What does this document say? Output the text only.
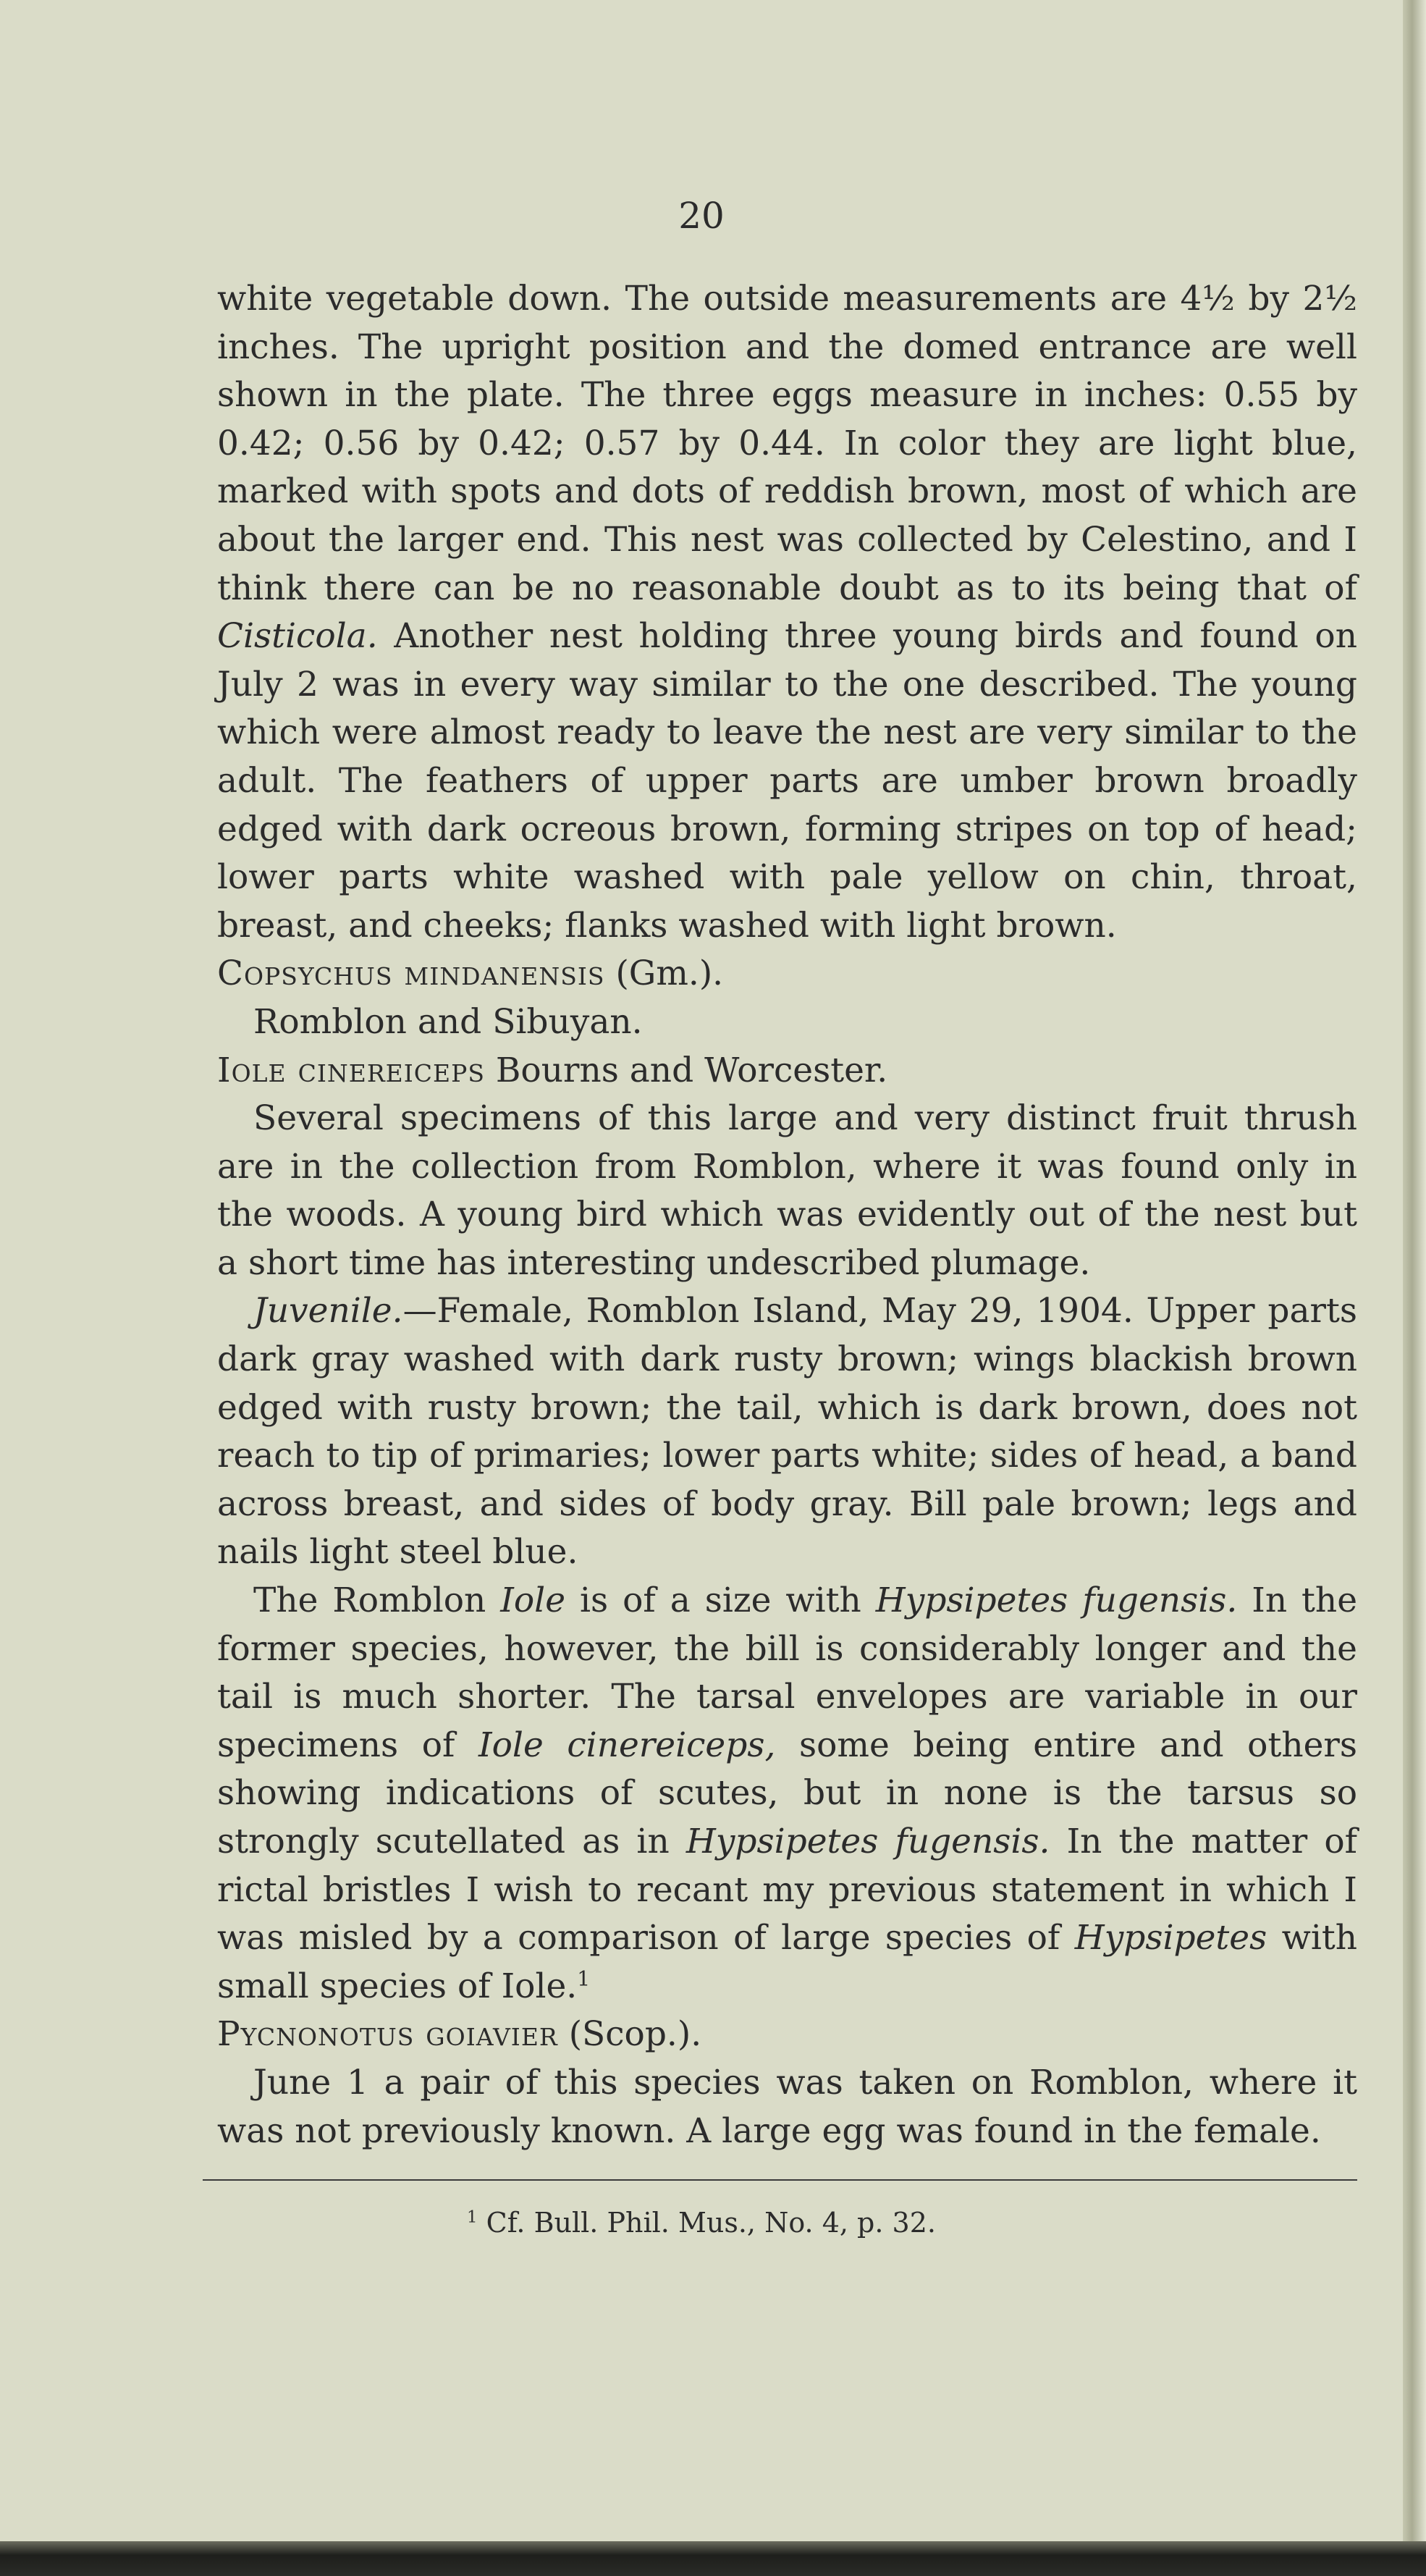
20

white vegetable down. The outside measurements are 4½ by 2½ inches. The upright position and the domed entrance are well shown in the plate. The three eggs measure in inches: 0.55 by 0.42; 0.56 by 0.42; 0.57 by 0.44. In color they are light blue, marked with spots and dots of reddish brown, most of which are about the larger end. This nest was collected by Celestino, and I think there can be no reasonable doubt as to its being that of Cisticola. Another nest holding three young birds and found on July 2 was in every way similar to the one described. The young which were almost ready to leave the nest are very similar to the adult. The feathers of upper parts are umber brown broadly edged with dark ocreous brown, forming stripes on top of head; lower parts white washed with pale yellow on chin, throat, breast, and cheeks; flanks washed with light brown.

Copsychus mindanensis (Gm.).

Romblon and Sibuyan.

Iole cinereiceps Bourns and Worcester.

Several specimens of this large and very distinct fruit thrush are in the collection from Romblon, where it was found only in the woods. A young bird which was evidently out of the nest but a short time has interesting undescribed plumage.

Juvenile.—Female, Romblon Island, May 29, 1904. Upper parts dark gray washed with dark rusty brown; wings blackish brown edged with rusty brown; the tail, which is dark brown, does not reach to tip of primaries; lower parts white; sides of head, a band across breast, and sides of body gray. Bill pale brown; legs and nails light steel blue.

The Romblon Iole is of a size with Hypsipetes fugensis. In the former species, however, the bill is considerably longer and the tail is much shorter. The tarsal envelopes are variable in our specimens of Iole cinereiceps, some being entire and others showing indications of scutes, but in none is the tarsus so strongly scutellated as in Hypsipetes fugensis. In the matter of rictal bristles I wish to recant my previous statement in which I was misled by a comparison of large species of Hypsipetes with small species of Iole.$^1$

Pycnonotus goiavier (Scop.).

June 1 a pair of this species was taken on Romblon, where it was not previously known. A large egg was found in the female.

$^1$ Cf. Bull. Phil. Mus., No. 4, p. 32.
